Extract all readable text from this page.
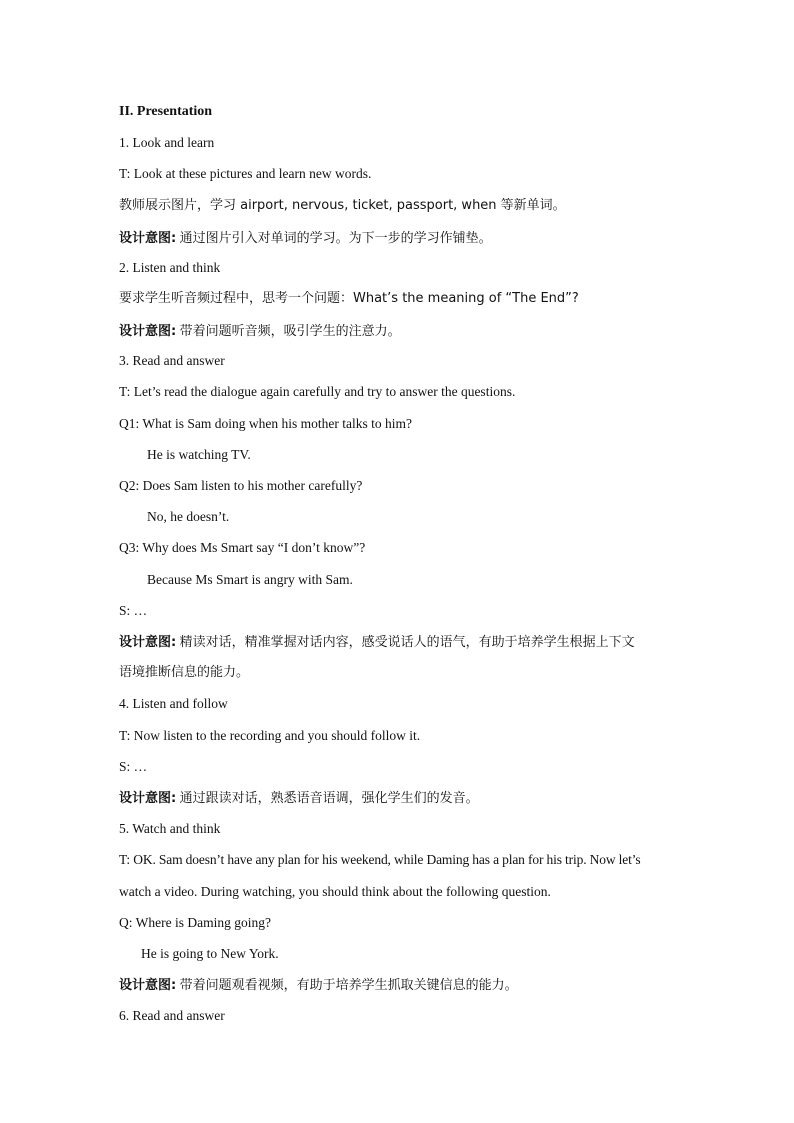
II. Presentation
1. Look and learn
T: Look at these pictures and learn new words.
教师展示图片，学习 airport, nervous, ticket, passport, when 等新单词。
设计意图: 通过图片引入对单词的学习。为下一步的学习作铺垫。
2. Listen and think
要求学生听音频过程中，思考一个问题：What’s the meaning of “The End”?
设计意图: 带着问题听音频，吸引学生的注意力。
3. Read and answer
T: Let’s read the dialogue again carefully and try to answer the questions.
Q1: What is Sam doing when his mother talks to him?
He is watching TV.
Q2: Does Sam listen to his mother carefully?
No, he doesn’t.
Q3: Why does Ms Smart say “I don’t know”?
Because Ms Smart is angry with Sam.
S: …
设计意图: 精读对话，精准掌握对话内容，感受说话人的语气，有助于培养学生根据上下文
语境推断信息的能力。
4. Listen and follow
T: Now listen to the recording and you should follow it.
S: …
设计意图: 通过跟读对话，熟悉语音语调，强化学生们的发音。
5. Watch and think
T: OK. Sam doesn’t have any plan for his weekend, while Daming has a plan for his trip. Now let’s
watch a video. During watching, you should think about the following question.
Q: Where is Daming going?
He is going to New York.
设计意图: 带着问题观看视频，有助于培养学生抓取关键信息的能力。
6. Read and answer
